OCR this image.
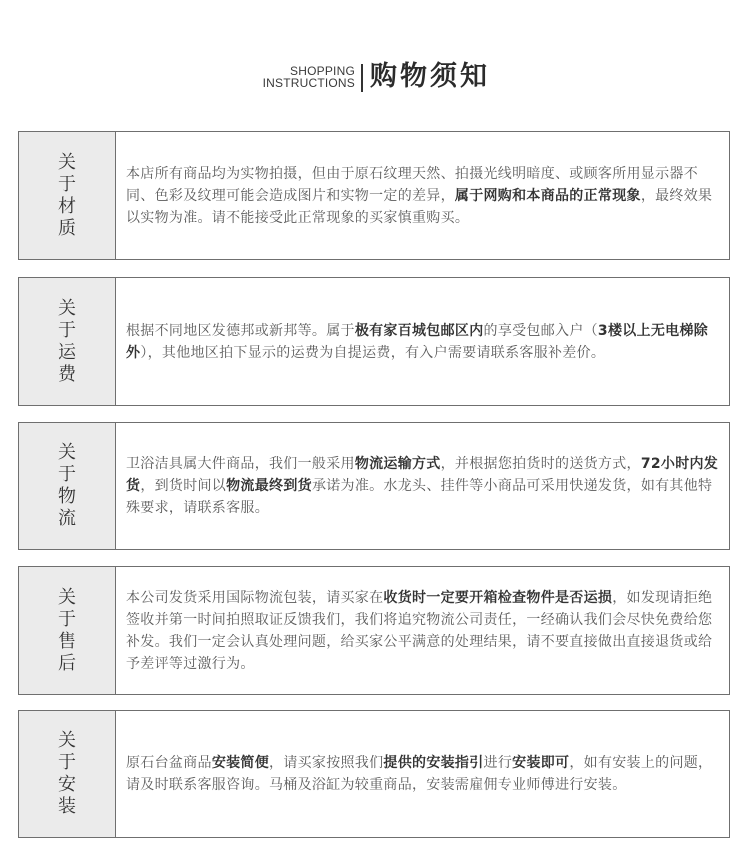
SHOPPING
INSTRUCTIONS 购物须知
关于材质

本店所有商品均为实物拍摄，但由于原石纹理天然、拍摄光线明暗度、或顾客所用显示器不同、色彩及纹理可能会造成图片和实物一定的差异，属于网购和本商品的正常现象，最终效果以实物为准。请不能接受此正常现象的买家慎重购买。

关于运费

根据不同地区发德邦或新邦等。属于极有家百城包邮区内的享受包邮入户（3楼以上无电梯除外），其他地区拍下显示的运费为自提运费，有入户需要请联系客服补差价。

关于物流

卫浴洁具属大件商品，我们一般采用物流运输方式，并根据您拍货时的送货方式，72小时内发货，到货时间以物流最终到货承诺为准。水龙头、挂件等小商品可采用快递发货，如有其他特殊要求，请联系客服。

关于售后

本公司发货采用国际物流包装，请买家在收货时一定要开箱检查物件是否运损，如发现请拒绝签收并第一时间拍照取证反馈我们，我们将追究物流公司责任，一经确认我们会尽快免费给您补发。我们一定会认真处理问题，给买家公平满意的处理结果，请不要直接做出直接退货或给予差评等过激行为。

关于安装

原石台盆商品安装简便，请买家按照我们提供的安装指引进行安装即可，如有安装上的问题，请及时联系客服咨询。马桶及浴缸为较重商品，安装需雇佣专业师傅进行安装。
